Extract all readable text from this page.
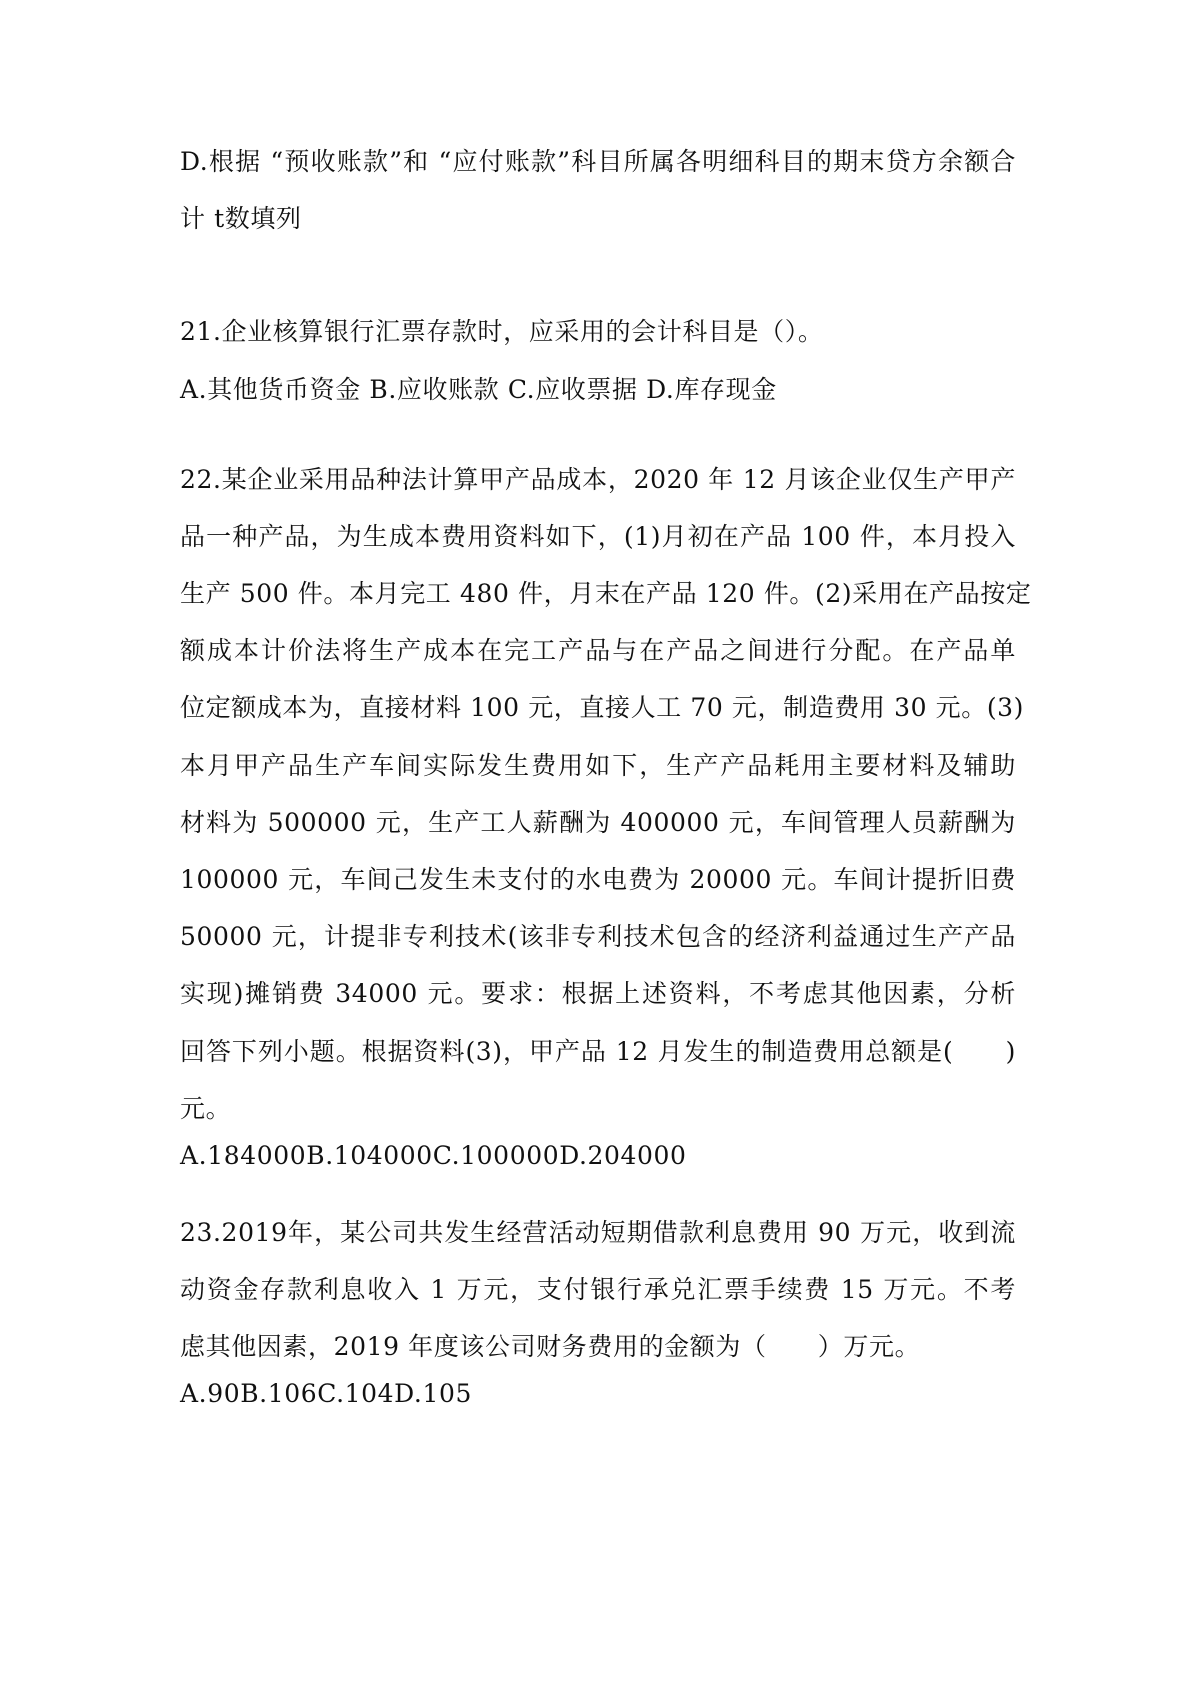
D.根据 “预收账款”和 “应付账款”科目所属各明细科目的期末贷方余额合
计 t数填列
21.企业核算银行汇票存款时，应采用的会计科目是（）。
A.其他货币资金 B.应收账款 C.应收票据 D.库存现金
22.某企业采用品种法计算甲产品成本，2020 年 12 月该企业仅生产甲产
品一种产品，为生成本费用资料如下，(1)月初在产品 100 件，本月投入
生产 500 件。本月完工 480 件，月末在产品 120 件。(2)采用在产品按定
额成本计价法将生产成本在完工产品与在产品之间进行分配。在产品单
位定额成本为，直接材料 100 元，直接人工 70 元，制造费用 30 元。(3)
本月甲产品生产车间实际发生费用如下，生产产品耗用主要材料及辅助
材料为 500000 元，生产工人薪酬为 400000 元，车间管理人员薪酬为
100000 元，车间己发生未支付的水电费为 20000 元。车间计提折旧费
50000 元，计提非专利技术(该非专利技术包含的经济利益通过生产产品
实现)摊销费 34000 元。要求：根据上述资料，不考虑其他因素，分析
回答下列小题。根据资料(3)，甲产品 12 月发生的制造费用总额是(　　)
元。
A.184000B.104000C.100000D.204000
23.2019年，某公司共发生经营活动短期借款利息费用 90 万元，收到流
动资金存款利息收入 1 万元，支付银行承兑汇票手续费 15 万元。不考
虑其他因素，2019 年度该公司财务费用的金额为（　　）万元。
A.90B.106C.104D.105
